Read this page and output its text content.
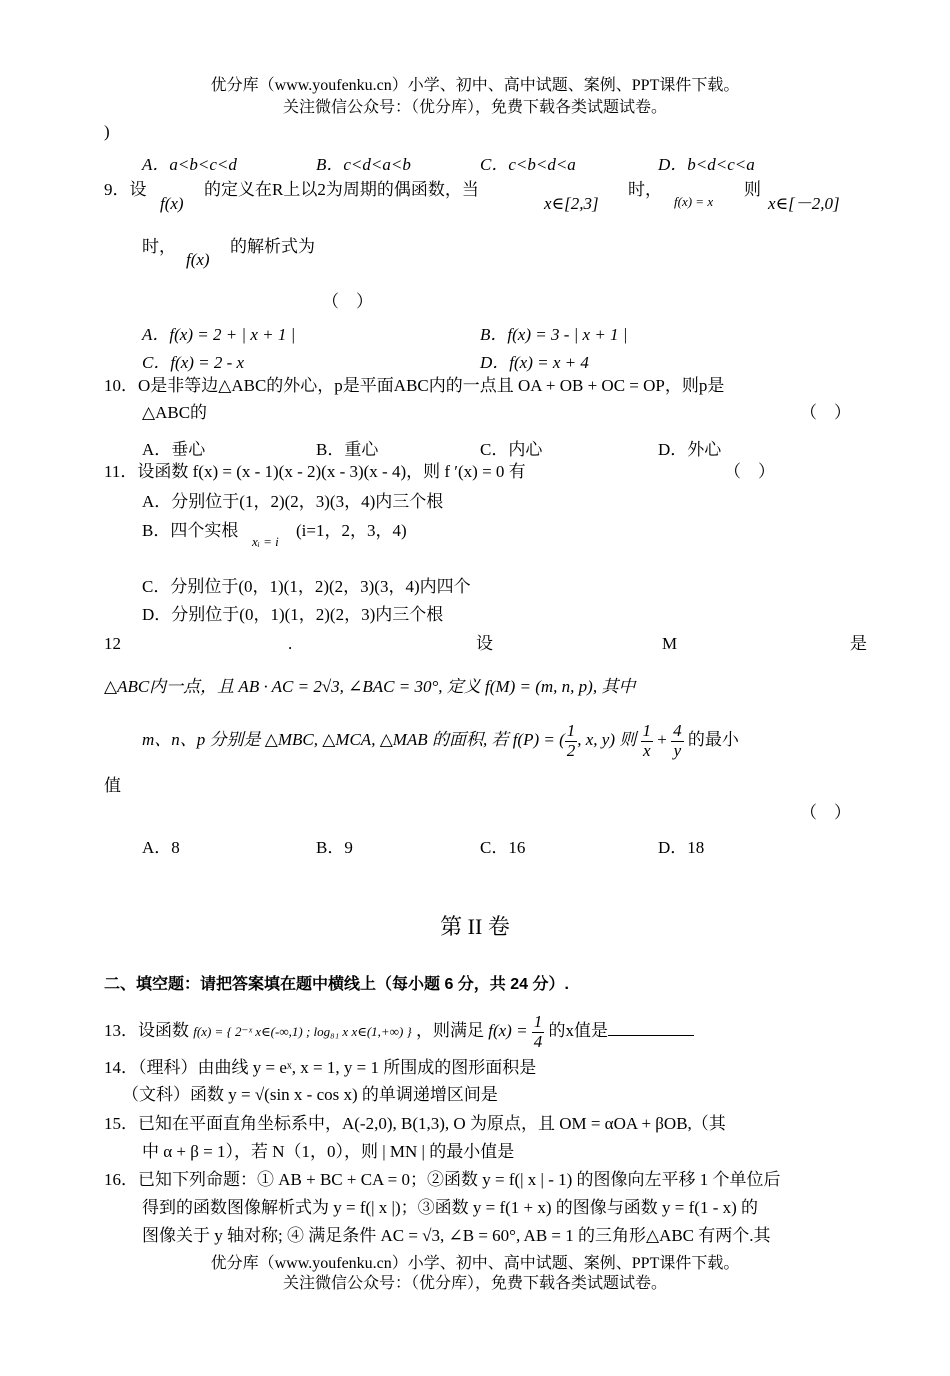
优分库（www.youfenku.cn）小学、初中、高中试题、案例、PPT课件下载。
关注微信公众号：（优分库），免费下载各类试题试卷。
)
A．a<b<c<d	B．c<d<a<b	C．c<b<d<a	D．b<d<c<a
9．设
f(x)
的定义在R上以2为周期的偶函数，当
x∈[2,3]
时，
f(x) = x
则
x∈[－2,0]
时，
f(x)
的解析式为
（　）
A．f(x) = 2 + | x + 1 |	B．f(x) = 3 - | x + 1 |
C．f(x) = 2 - x	D．f(x) = x + 4
10．O是非等边△ABC的外心，p是平面ABC内的一点且 OA + OB + OC = OP，则p是
△ABC的	（　）
A．垂心	B．重心	C．内心	D．外心
11．设函数 f(x) = (x - 1)(x - 2)(x - 3)(x - 4)，则 f ′(x) = 0 有	（　）
A．分别位于(1，2)(2，3)(3，4)内三个根
B．四个实根
xᵢ = i
(i=1，2，3，4)
C．分别位于(0，1)(1，2)(2，3)(3，4)内四个
D．分别位于(0，1)(1，2)(2，3)内三个根
12	.	设	M	是
△ABC内一点，且 AB · AC = 2√3, ∠BAC = 30°, 定义 f(M) = (m, n, p), 其中
m、n、p 分别是 △MBC, △MCA, △MAB 的面积, 若 f(P) = ( $\frac{1}{2}$ , x, y) 则 $\frac{1}{x} + \frac{4}{y}$ 的最小
值
（　）
A．8	B．9	C．16	D．18
第 II 卷
二、填空题：请把答案填在题中横线上（每小题 6 分，共 24 分）.
13．设函数 f(x) = { 2⁻ˣ x∈(-∞,1) ; log₈₁ x x∈(1,+∞) } ，则满足 $f(x) = \frac{1}{4}$ 的x值是
14．（理科）由曲线 y = eˣ, x = 1, y = 1 所围成的图形面积是
（文科）函数 y = √(sin x - cos x) 的单调递增区间是
15．已知在平面直角坐标系中，A(-2,0), B(1,3), O 为原点，且 OM = αOA + βOB,（其
中 α + β = 1），若 N（1，0），则 | MN | 的最小值是
16．已知下列命题：① AB + BC + CA = 0；②函数 y = f(| x | - 1) 的图像向左平移 1 个单位后
得到的函数图像解析式为 y = f(| x |)；③函数 y = f(1 + x) 的图像与函数 y = f(1 - x) 的
图像关于 y 轴对称; ④ 满足条件 AC = √3, ∠B = 60°, AB = 1 的三角形△ABC 有两个.其
优分库（www.youfenku.cn）小学、初中、高中试题、案例、PPT课件下载。
关注微信公众号：（优分库），免费下载各类试题试卷。
